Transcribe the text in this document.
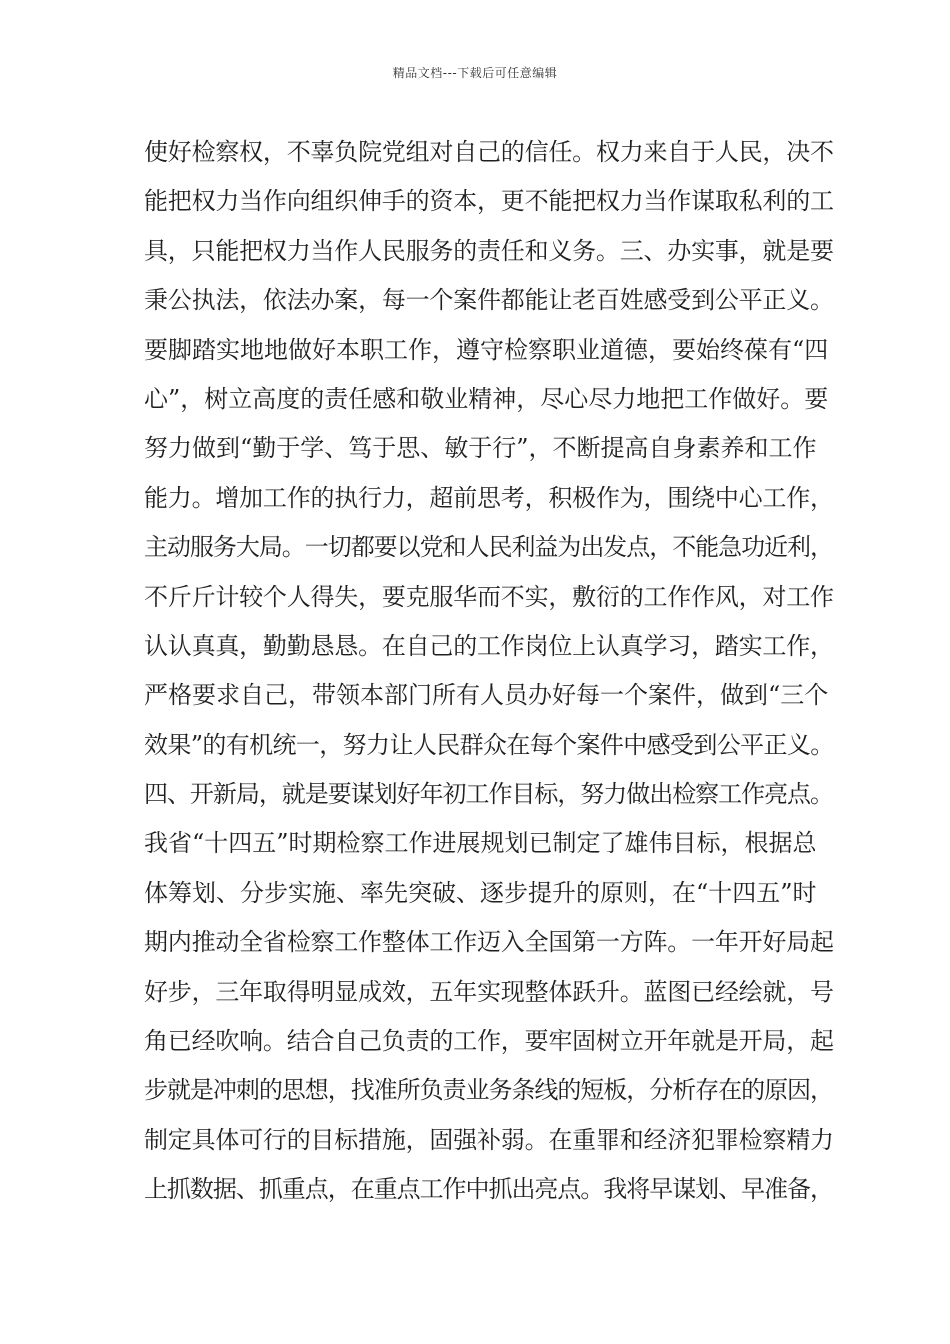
精品文档---下载后可任意编辑
使好检察权，不辜负院党组对自己的信任。权力来自于人民，决不
能把权力当作向组织伸手的资本，更不能把权力当作谋取私利的工
具，只能把权力当作人民服务的责任和义务。三、办实事，就是要
秉公执法，依法办案，每一个案件都能让老百姓感受到公平正义。
要脚踏实地地做好本职工作，遵守检察职业道德，要始终葆有“四
心”，树立高度的责任感和敬业精神，尽心尽力地把工作做好。要
努力做到“勤于学、笃于思、敏于行”，不断提高自身素养和工作
能力。增加工作的执行力，超前思考，积极作为，围绕中心工作，
主动服务大局。一切都要以党和人民利益为出发点，不能急功近利，
不斤斤计较个人得失，要克服华而不实，敷衍的工作作风，对工作
认认真真，勤勤恳恳。在自己的工作岗位上认真学习，踏实工作，
严格要求自己，带领本部门所有人员办好每一个案件，做到“三个
效果”的有机统一，努力让人民群众在每个案件中感受到公平正义。
四、开新局，就是要谋划好年初工作目标，努力做出检察工作亮点。
我省“十四五”时期检察工作进展规划已制定了雄伟目标，根据总
体筹划、分步实施、率先突破、逐步提升的原则，在“十四五”时
期内推动全省检察工作整体工作迈入全国第一方阵。一年开好局起
好步，三年取得明显成效，五年实现整体跃升。蓝图已经绘就，号
角已经吹响。结合自己负责的工作，要牢固树立开年就是开局，起
步就是冲刺的思想，找准所负责业务条线的短板，分析存在的原因，
制定具体可行的目标措施，固强补弱。在重罪和经济犯罪检察精力
上抓数据、抓重点，在重点工作中抓出亮点。我将早谋划、早准备，
